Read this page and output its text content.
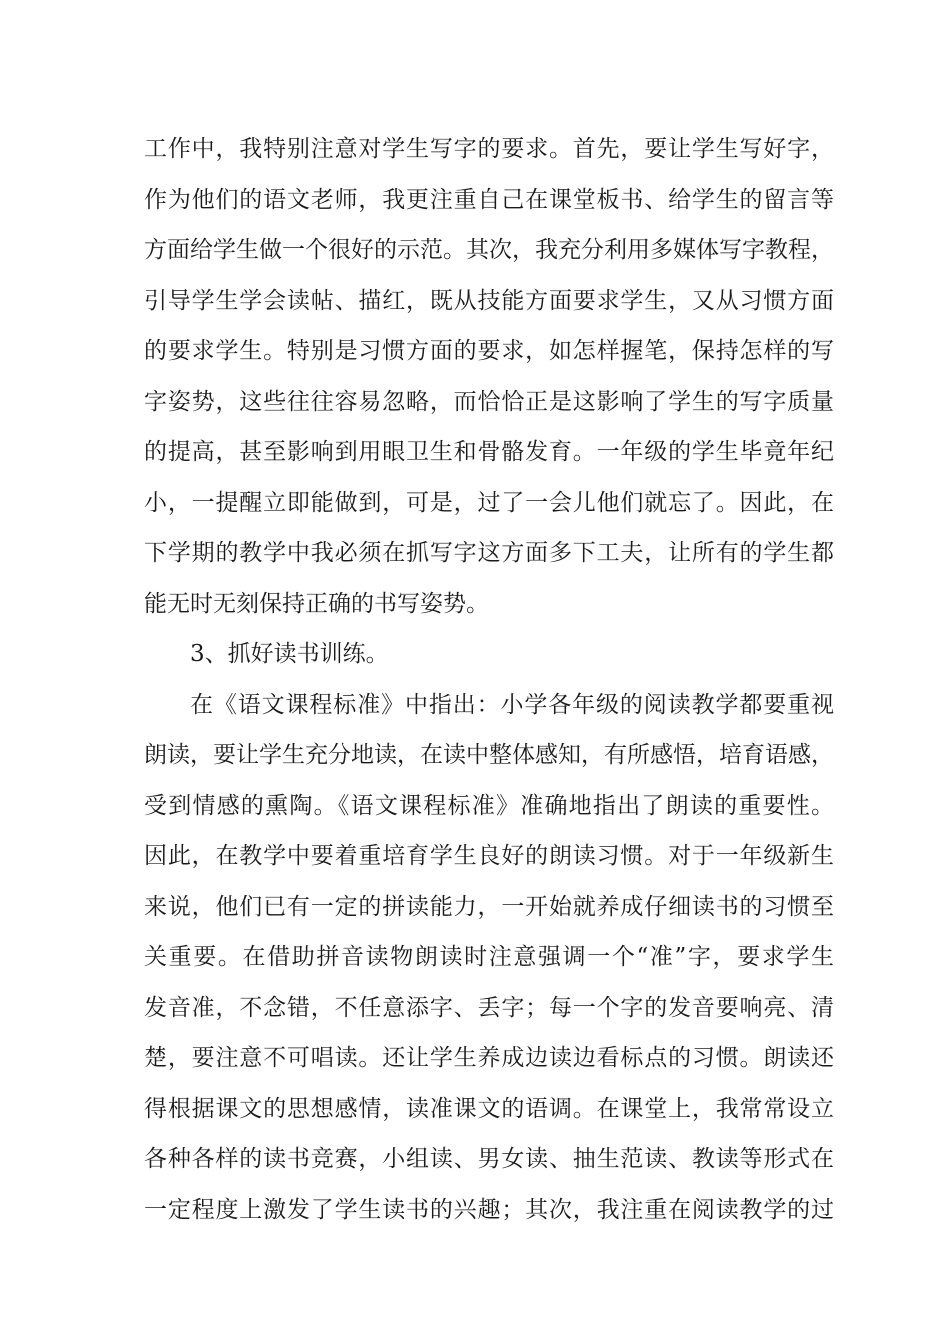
工作中，我特别注意对学生写字的要求。首先，要让学生写好字，
作为他们的语文老师，我更注重自己在课堂板书、给学生的留言等
方面给学生做一个很好的示范。其次，我充分利用多媒体写字教程，
引导学生学会读帖、描红，既从技能方面要求学生，又从习惯方面
的要求学生。特别是习惯方面的要求，如怎样握笔，保持怎样的写
字姿势，这些往往容易忽略，而恰恰正是这影响了学生的写字质量
的提高，甚至影响到用眼卫生和骨骼发育。一年级的学生毕竟年纪
小，一提醒立即能做到，可是，过了一会儿他们就忘了。因此，在
下学期的教学中我必须在抓写字这方面多下工夫，让所有的学生都
能无时无刻保持正确的书写姿势。
3、抓好读书训练。
在《语文课程标准》中指出：小学各年级的阅读教学都要重视
朗读，要让学生充分地读，在读中整体感知，有所感悟，培育语感，
受到情感的熏陶。《语文课程标准》准确地指出了朗读的重要性。
因此，在教学中要着重培育学生良好的朗读习惯。对于一年级新生
来说，他们已有一定的拼读能力，一开始就养成仔细读书的习惯至
关重要。在借助拼音读物朗读时注意强调一个“准”字，要求学生
发音准，不念错，不任意添字、丢字；每一个字的发音要响亮、清
楚，要注意不可唱读。还让学生养成边读边看标点的习惯。朗读还
得根据课文的思想感情，读准课文的语调。在课堂上，我常常设立
各种各样的读书竞赛，小组读、男女读、抽生范读、教读等形式在
一定程度上激发了学生读书的兴趣；其次，我注重在阅读教学的过
